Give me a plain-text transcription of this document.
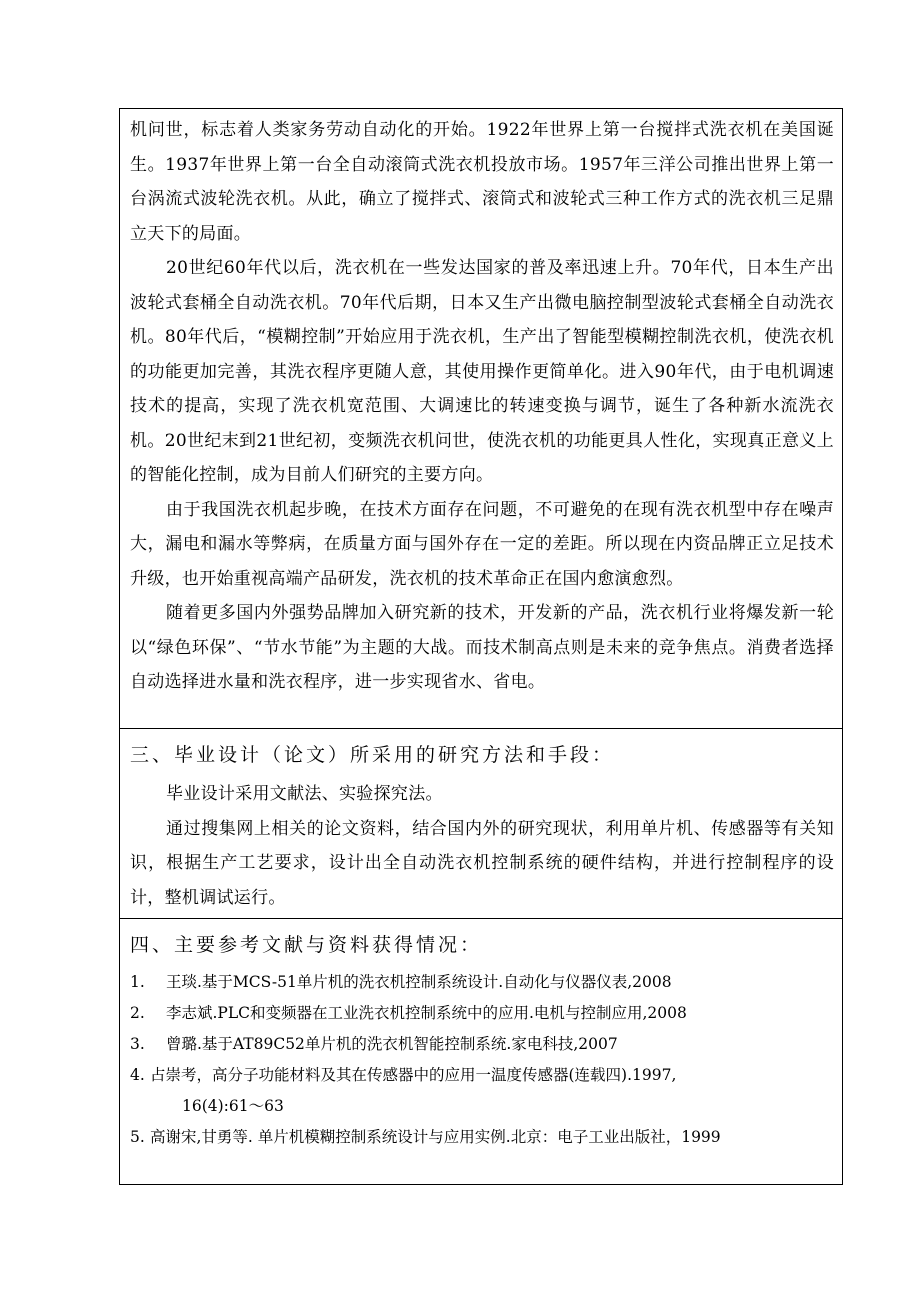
机问世，标志着人类家务劳动自动化的开始。1922年世界上第一台搅拌式洗衣机在美国诞生。1937年世界上第一台全自动滚筒式洗衣机投放市场。1957年三洋公司推出世界上第一台涡流式波轮洗衣机。从此，确立了搅拌式、滚筒式和波轮式三种工作方式的洗衣机三足鼎立天下的局面。

20世纪60年代以后，洗衣机在一些发达国家的普及率迅速上升。70年代，日本生产出波轮式套桶全自动洗衣机。70年代后期，日本又生产出微电脑控制型波轮式套桶全自动洗衣机。80年代后，“模糊控制”开始应用于洗衣机，生产出了智能型模糊控制洗衣机，使洗衣机的功能更加完善，其洗衣程序更随人意，其使用操作更简单化。进入90年代，由于电机调速技术的提高，实现了洗衣机宽范围、大调速比的转速变换与调节，诞生了各种新水流洗衣机。20世纪末到21世纪初，变频洗衣机问世，使洗衣机的功能更具人性化，实现真正意义上的智能化控制，成为目前人们研究的主要方向。

由于我国洗衣机起步晚，在技术方面存在问题，不可避免的在现有洗衣机型中存在噪声大，漏电和漏水等弊病，在质量方面与国外存在一定的差距。所以现在内资品牌正立足技术升级，也开始重视高端产品研发，洗衣机的技术革命正在国内愈演愈烈。

随着更多国内外强势品牌加入研究新的技术，开发新的产品，洗衣机行业将爆发新一轮以“绿色环保”、“节水节能”为主题的大战。而技术制高点则是未来的竞争焦点。消费者选择自动选择进水量和洗衣程序，进一步实现省水、省电。

三、毕业设计（论文）所采用的研究方法和手段：

毕业设计采用文献法、实验探究法。

通过搜集网上相关的论文资料，结合国内外的研究现状，利用单片机、传感器等有关知识，根据生产工艺要求，设计出全自动洗衣机控制系统的硬件结构，并进行控制程序的设计，整机调试运行。

四、主要参考文献与资料获得情况：
1.	王琰.基于MCS-51单片机的洗衣机控制系统设计.自动化与仪器仪表,2008
2.	李志斌.PLC和变频器在工业洗衣机控制系统中的应用.电机与控制应用,2008
3.	曾璐.基于AT89C52单片机的洗衣机智能控制系统.家电科技,2007
4. 占崇考，高分子功能材料及其在传感器中的应用一温度传感器(连载四).1997,
16(4):61～63
5. 高谢宋,甘勇等. 单片机模糊控制系统设计与应用实例.北京：电子工业出版社，1999
